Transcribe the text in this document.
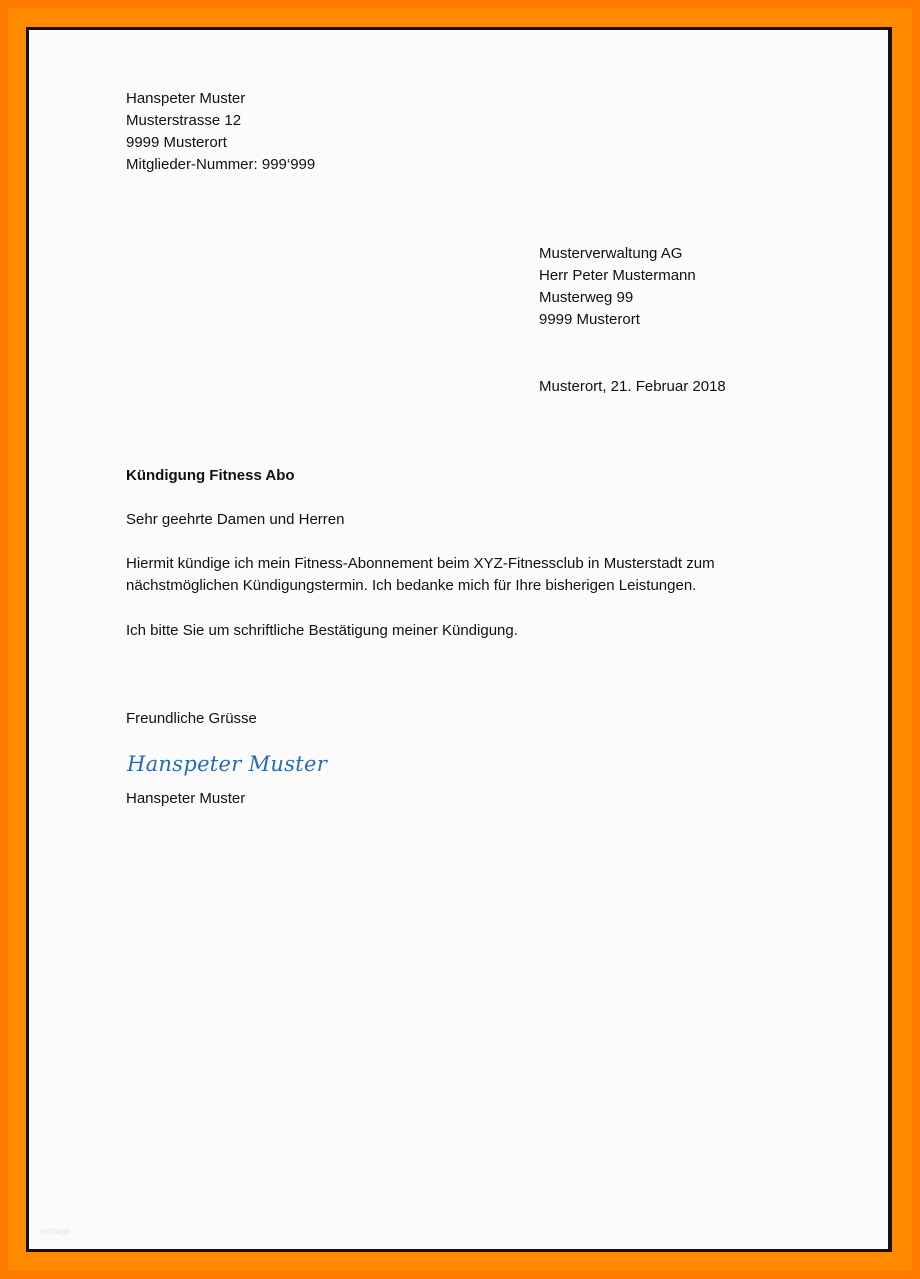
Hanspeter Muster
Musterstrasse 12
9999 Musterort
Mitglieder-Nummer: 999‘999
Musterverwaltung AG
Herr Peter Mustermann
Musterweg 99
9999 Musterort
Musterort, 21. Februar 2018
Kündigung Fitness Abo
Sehr geehrte Damen und Herren
Hiermit kündige ich mein Fitness-Abonnement beim XYZ-Fitnessclub in Musterstadt zum
nächstmöglichen Kündigungstermin. Ich bedanke mich für Ihre bisherigen Leistungen.
Ich bitte Sie um schriftliche Bestätigung meiner Kündigung.
Freundliche Grüsse
Hanspeter Muster
Hanspeter Muster
vorlage
